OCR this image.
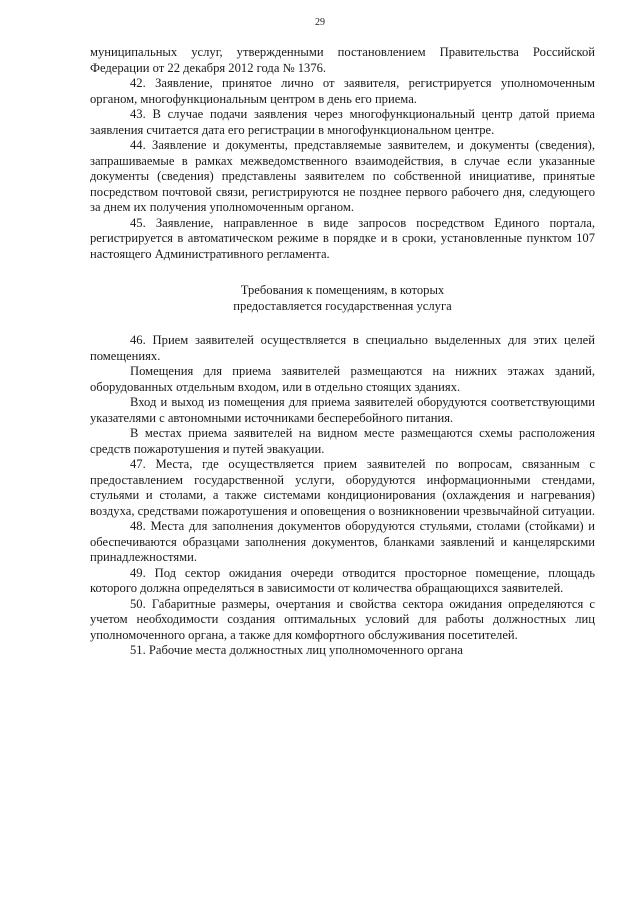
29

муниципальных услуг, утвержденными постановлением Правительства Российской Федерации от 22 декабря 2012 года № 1376.

42. Заявление, принятое лично от заявителя, регистрируется уполномоченным органом, многофункциональным центром в день его приема.

43. В случае подачи заявления через многофункциональный центр датой приема заявления считается дата его регистрации в многофункциональном центре.

44. Заявление и документы, представляемые заявителем, и документы (сведения), запрашиваемые в рамках межведомственного взаимодействия, в случае если указанные документы (сведения) представлены заявителем по собственной инициативе, принятые посредством почтовой связи, регистрируются не позднее первого рабочего дня, следующего за днем их получения уполномоченным органом.

45. Заявление, направленное в виде запросов посредством Единого портала, регистрируется в автоматическом режиме в порядке и в сроки, установленные пунктом 107 настоящего Административного регламента.

Требования к помещениям, в которых
предоставляется государственная услуга

46. Прием заявителей осуществляется в специально выделенных для этих целей помещениях.

Помещения для приема заявителей размещаются на нижних этажах зданий, оборудованных отдельным входом, или в отдельно стоящих зданиях.

Вход и выход из помещения для приема заявителей оборудуются соответствующими указателями с автономными источниками бесперебойного питания.

В местах приема заявителей на видном месте размещаются схемы расположения средств пожаротушения и путей эвакуации.

47. Места, где осуществляется прием заявителей по вопросам, связанным с предоставлением государственной услуги, оборудуются информационными стендами, стульями и столами, а также системами кондиционирования (охлаждения и нагревания) воздуха, средствами пожаротушения и оповещения о возникновении чрезвычайной ситуации.

48. Места для заполнения документов оборудуются стульями, столами (стойками) и обеспечиваются образцами заполнения документов, бланками заявлений и канцелярскими принадлежностями.

49. Под сектор ожидания очереди отводится просторное помещение, площадь которого должна определяться в зависимости от количества обращающихся заявителей.

50. Габаритные размеры, очертания и свойства сектора ожидания определяются с учетом необходимости создания оптимальных условий для работы должностных лиц уполномоченного органа, а также для комфортного обслуживания посетителей.

51. Рабочие места должностных лиц уполномоченного органа
